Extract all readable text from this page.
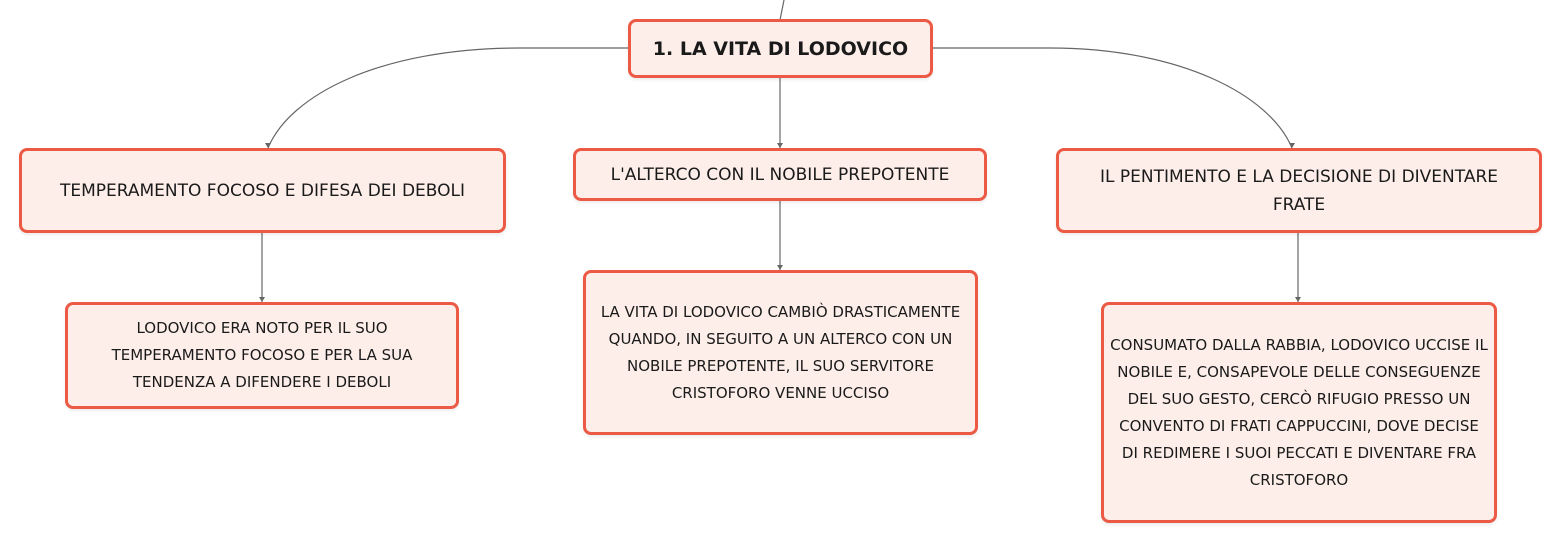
1. LA VITA DI LODOVICO
TEMPERAMENTO FOCOSO E DIFESA DEI DEBOLI
L'ALTERCO CON IL NOBILE PREPOTENTE	IL PENTIMENTO E LA DECISIONE DI DIVENTARE FRATE
LODOVICO ERA NOTO PER IL SUO TEMPERAMENTO FOCOSO E PER LA SUA TENDENZA A DIFENDERE I DEBOLI
LA VITA DI LODOVICO CAMBIÒ DRASTICAMENTE QUANDO, IN SEGUITO A UN ALTERCO CON UN NOBILE PREPOTENTE, IL SUO SERVITORE CRISTOFORO VENNE UCCISO
CONSUMATO DALLA RABBIA, LODOVICO UCCISE IL NOBILE E, CONSAPEVOLE DELLE CONSEGUENZE DEL SUO GESTO, CERCÒ RIFUGIO PRESSO UN CONVENTO DI FRATI CAPPUCCINI, DOVE DECISE DI REDIMERE I SUOI PECCATI E DIVENTARE FRA CRISTOFORO
